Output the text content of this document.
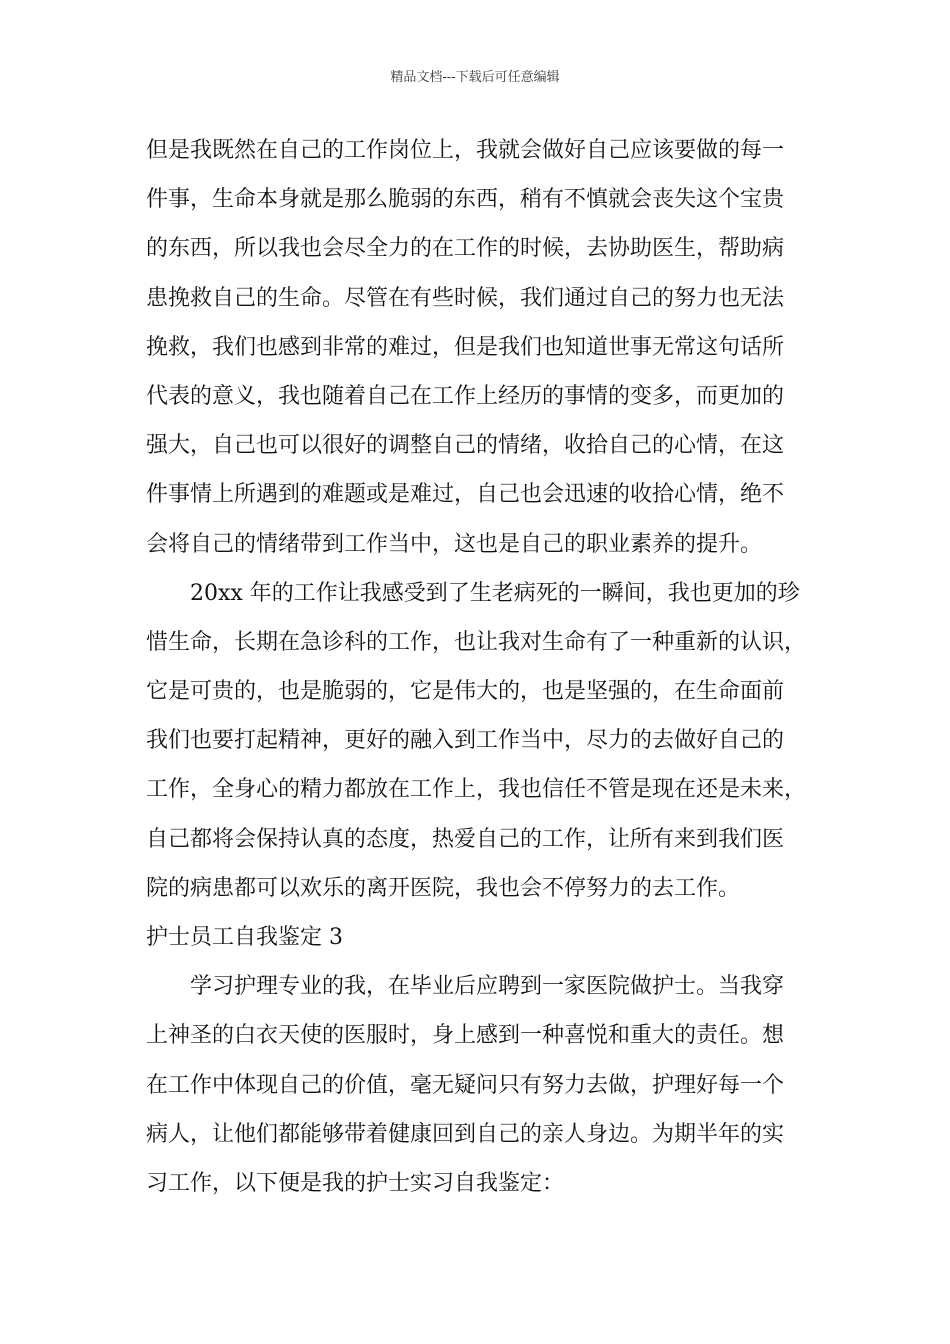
精品文档---下载后可任意编辑
但是我既然在自己的工作岗位上，我就会做好自己应该要做的每一
件事，生命本身就是那么脆弱的东西，稍有不慎就会丧失这个宝贵
的东西，所以我也会尽全力的在工作的时候，去协助医生，帮助病
患挽救自己的生命。尽管在有些时候，我们通过自己的努力也无法
挽救，我们也感到非常的难过，但是我们也知道世事无常这句话所
代表的意义，我也随着自己在工作上经历的事情的变多，而更加的
强大，自己也可以很好的调整自己的情绪，收拾自己的心情，在这
件事情上所遇到的难题或是难过，自己也会迅速的收拾心情，绝不
会将自己的情绪带到工作当中，这也是自己的职业素养的提升。
20xx 年的工作让我感受到了生老病死的一瞬间，我也更加的珍
惜生命，长期在急诊科的工作，也让我对生命有了一种重新的认识，
它是可贵的，也是脆弱的，它是伟大的，也是坚强的，在生命面前
我们也要打起精神，更好的融入到工作当中，尽力的去做好自己的
工作，全身心的精力都放在工作上，我也信任不管是现在还是未来，
自己都将会保持认真的态度，热爱自己的工作，让所有来到我们医
院的病患都可以欢乐的离开医院，我也会不停努力的去工作。
护士员工自我鉴定 3
学习护理专业的我，在毕业后应聘到一家医院做护士。当我穿
上神圣的白衣天使的医服时，身上感到一种喜悦和重大的责任。想
在工作中体现自己的价值，毫无疑问只有努力去做，护理好每一个
病人，让他们都能够带着健康回到自己的亲人身边。为期半年的实
习工作，以下便是我的护士实习自我鉴定：
